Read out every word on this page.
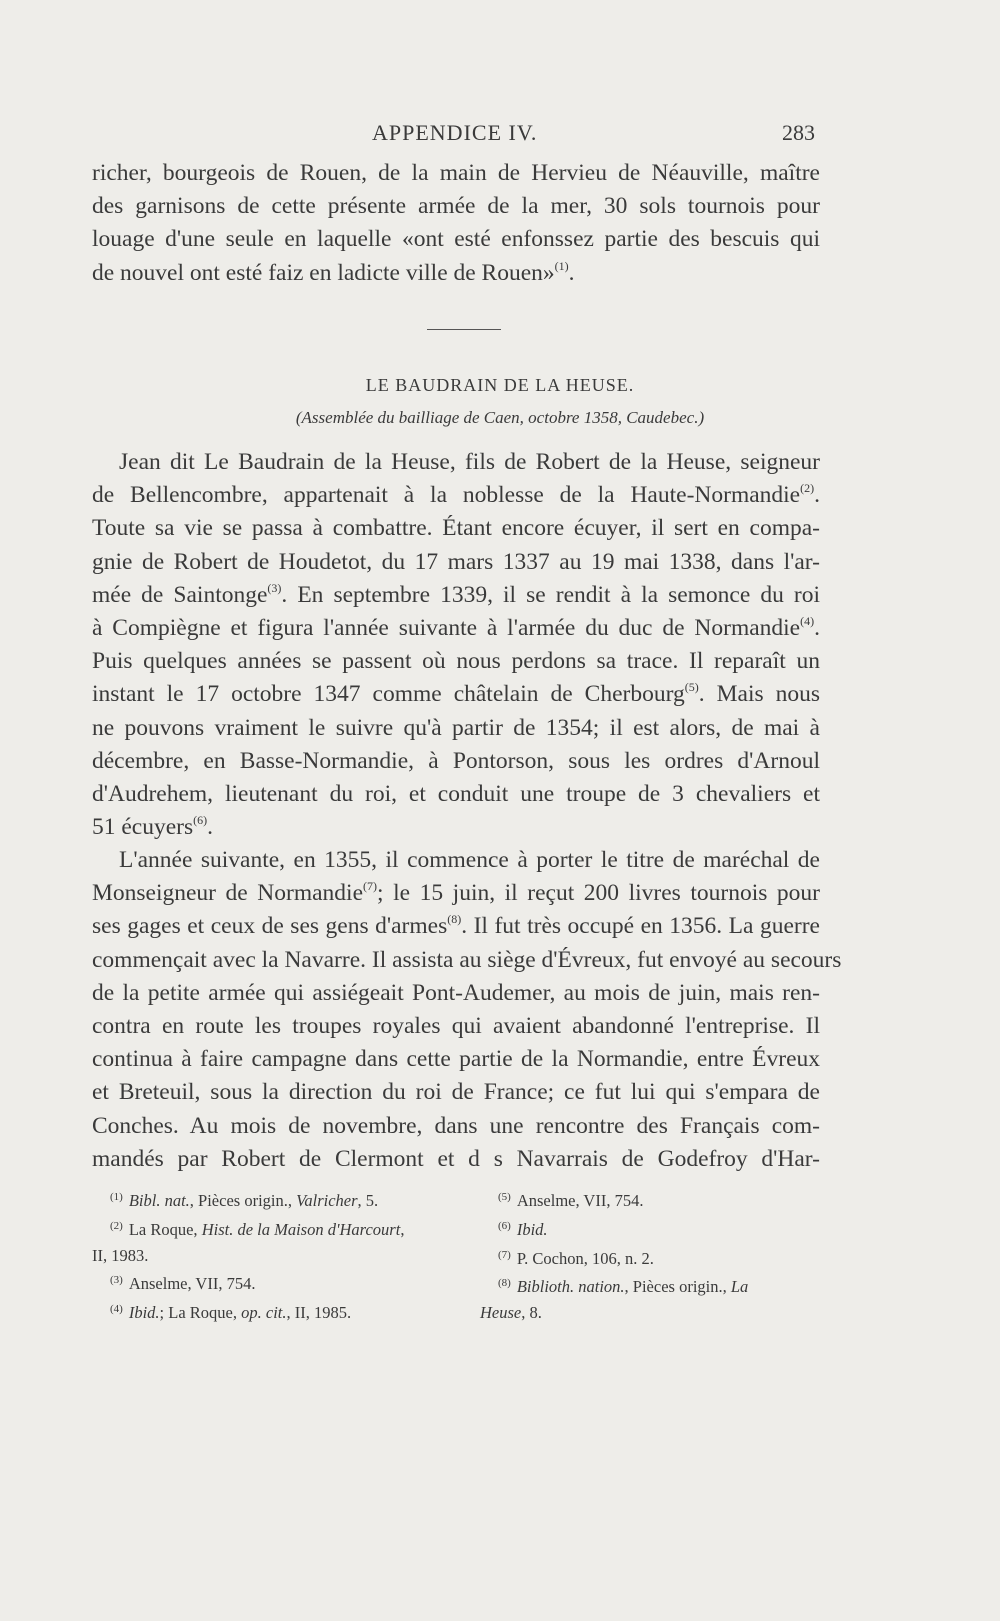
APPENDICE IV.	283
richer, bourgeois de Rouen, de la main de Hervieu de Néauville, maître
des garnisons de cette présente armée de la mer, 30 sols tournois pour
louage d'une seule en laquelle «ont esté enfonssez partie des bescuis qui
de nouvel ont esté faiz en ladicte ville de Rouen»$^{(1)}$.
LE BAUDRAIN DE LA HEUSE.
(Assemblée du bailliage de Caen, octobre 1358, Caudebec.)
Jean dit Le Baudrain de la Heuse, fils de Robert de la Heuse, seigneur
de Bellencombre, appartenait à la noblesse de la Haute-Normandie$^{(2)}$.
Toute sa vie se passa à combattre. Étant encore écuyer, il sert en compa-
gnie de Robert de Houdetot, du 17 mars 1337 au 19 mai 1338, dans l'ar-
mée de Saintonge$^{(3)}$. En septembre 1339, il se rendit à la semonce du roi
à Compiègne et figura l'année suivante à l'armée du duc de Normandie$^{(4)}$.
Puis quelques années se passent où nous perdons sa trace. Il reparaît un
instant le 17 octobre 1347 comme châtelain de Cherbourg$^{(5)}$. Mais nous
ne pouvons vraiment le suivre qu'à partir de 1354; il est alors, de mai à
décembre, en Basse-Normandie, à Pontorson, sous les ordres d'Arnoul
d'Audrehem, lieutenant du roi, et conduit une troupe de 3 chevaliers et
51 écuyers$^{(6)}$.
L'année suivante, en 1355, il commence à porter le titre de maréchal de
Monseigneur de Normandie$^{(7)}$; le 15 juin, il reçut 200 livres tournois pour
ses gages et ceux de ses gens d'armes$^{(8)}$. Il fut très occupé en 1356. La guerre
commençait avec la Navarre. Il assista au siège d'Évreux, fut envoyé au secours
de la petite armée qui assiégeait Pont-Audemer, au mois de juin, mais ren-
contra en route les troupes royales qui avaient abandonné l'entreprise. Il
continua à faire campagne dans cette partie de la Normandie, entre Évreux
et Breteuil, sous la direction du roi de France; ce fut lui qui s'empara de
Conches. Au mois de novembre, dans une rencontre des Français com-
mandés par Robert de Clermont et d s Navarrais de Godefroy d'Har-
$^{(1)}$ Bibl. nat., Pièces origin., Valricher, 5.
$^{(2)}$ La Roque, Hist. de la Maison d'Harcourt,
II, 1983.
$^{(3)}$ Anselme, VII, 754.
$^{(4)}$ Ibid.; La Roque, op. cit., II, 1985.
$^{(5)}$ Anselme, VII, 754.
$^{(6)}$ Ibid.
$^{(7)}$ P. Cochon, 106, n. 2.
$^{(8)}$ Biblioth. nation., Pièces origin., La
Heuse, 8.
